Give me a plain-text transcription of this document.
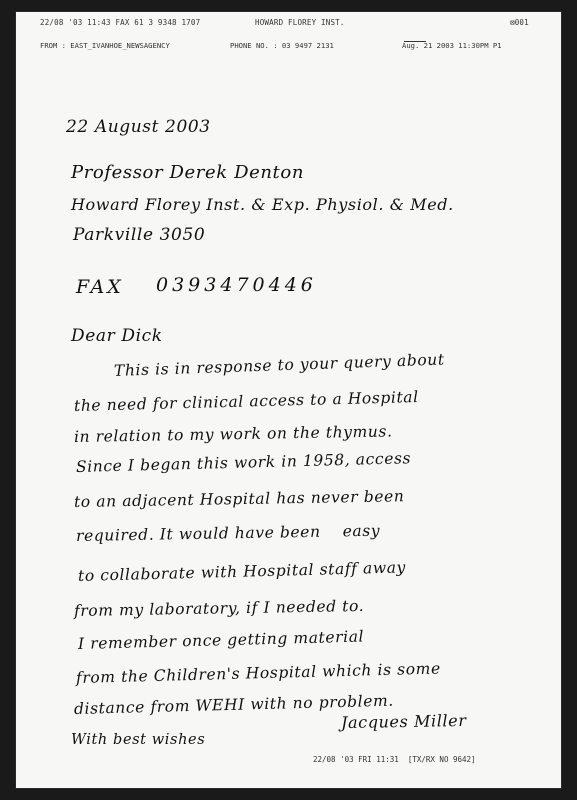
22/08 '03 11:43 FAX 61 3 9348 1707	HOWARD FLOREY INST.	⊠001
FROM : EAST_IVANHOE_NEWSAGENCY	PHONE NO. : 03 9497 2131	Aug. 21 2003 11:30PM P1
22 August 2003
Professor Derek Denton
Howard Florey Inst. & Exp. Physiol. & Med.
Parkville 3050
FAX 0393470446
Dear Dick
This is in response to your query about
the need for clinical access to a Hospital
in relation to my work on the thymus.
Since I began this work in 1958, access
to an adjacent Hospital has never been
required. It would have been    easy
to collaborate with Hospital staff away
from my laboratory, if I needed to.
I remember once getting material
from the Children's Hospital which is some
distance from WEHI with no problem.
With best wishes
Jacques Miller
22/08 '03 FRI 11:31  [TX/RX NO 9642]
